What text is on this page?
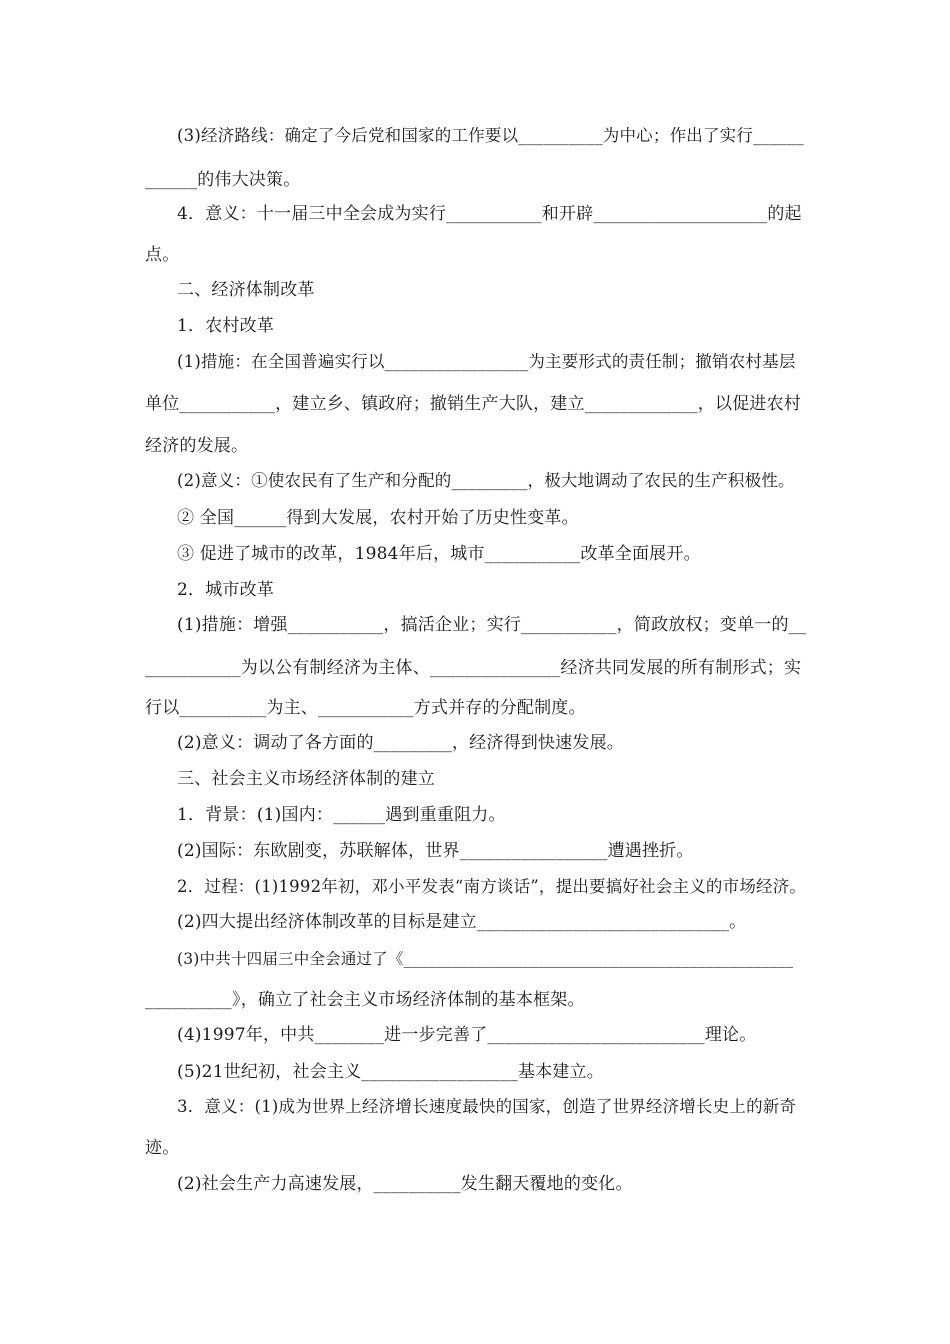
(3)经济路线：确定了今后党和国家的工作要以__________为中心；作出了实行______
______的伟大决策。
4．意义：十一届三中全会成为实行___________和开辟____________________的起
点。
二、经济体制改革
1．农村改革
(1)措施：在全国普遍实行以_________________为主要形式的责任制；撤销农村基层
单位___________，建立乡、镇政府；撤销生产大队，建立_____________，以促进农村
经济的发展。
(2)意义：①使农民有了生产和分配的_________，极大地调动了农民的生产积极性。
② 全国______得到大发展，农村开始了历史性变革。
③ 促进了城市的改革，1984年后，城市___________改革全面展开。
2．城市改革
(1)措施：增强___________，搞活企业；实行___________，简政放权；变单一的__
___________为以公有制经济为主体、_______________经济共同发展的所有制形式；实
行以__________为主、___________方式并存的分配制度。
(2)意义：调动了各方面的_________，经济得到快速发展。
三、社会主义市场经济体制的建立
1．背景：(1)国内：______遇到重重阻力。
(2)国际：东欧剧变，苏联解体，世界_________________遭遇挫折。
2．过程：(1)1992年初，邓小平发表“南方谈话”，提出要搞好社会主义的市场经济。
(2)四大提出经济体制改革的目标是建立_____________________________。
(3)中共十四届三中全会通过了《_________________________________________________
__________》，确立了社会主义市场经济体制的基本框架。
(4)1997年，中共________进一步完善了_________________________理论。
(5)21世纪初，社会主义__________________基本建立。
3．意义：(1)成为世界上经济增长速度最快的国家，创造了世界经济增长史上的新奇
迹。
(2)社会生产力高速发展，__________发生翻天覆地的变化。
